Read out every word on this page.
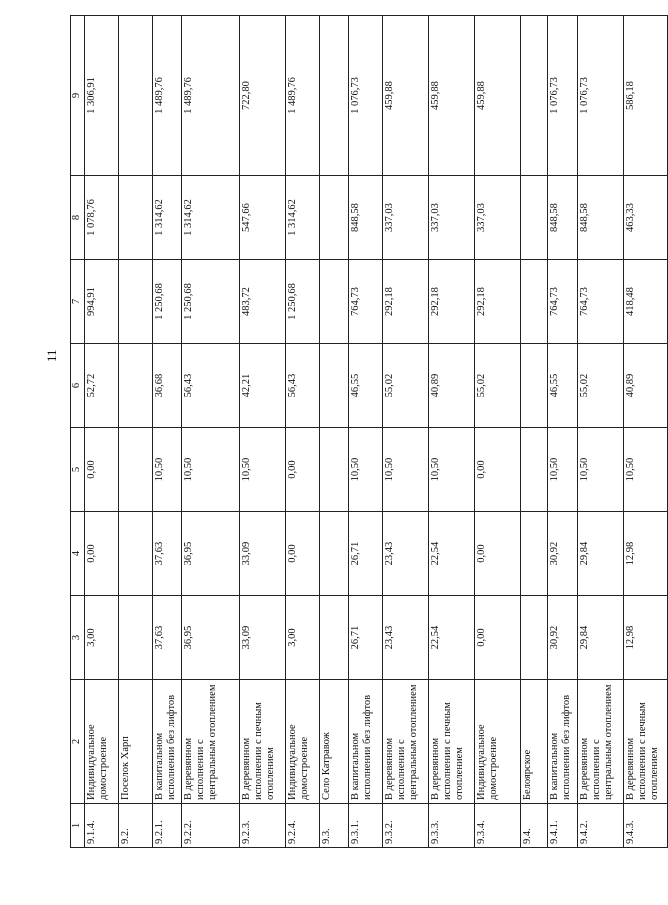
11
1	2	3	4	5	6	7	8	9
9.1.4.	Индивидуальное домостроение	3,00	0,00	0,00	52,72	994,91	1 078,76	1 306,91
9.2.	Поселок Харп							
9.2.1.	В капитальном исполнении без лифтов	37,63	37,63	10,50	36,68	1 250,68	1 314,62	1 489,76
9.2.2.	В деревянном исполнении с центральным отоплением	36,95	36,95	10,50	56,43	1 250,68	1 314,62	1 489,76
9.2.3.	В деревянном исполнении с печным отоплением	33,09	33,09	10,50	42,21	483,72	547,66	722,80
9.2.4.	Индивидуальное домостроение	3,00	0,00	0,00	56,43	1 250,68	1 314,62	1 489,76
9.3.	Село Катравож							
9.3.1.	В капитальном исполнении без лифтов	26,71	26,71	10,50	46,55	764,73	848,58	1 076,73
9.3.2.	В деревянном исполнении с центральным отоплением	23,43	23,43	10,50	55,02	292,18	337,03	459,88
9.3.3.	В деревянном исполнении с печным отоплением	22,54	22,54	10,50	40,89	292,18	337,03	459,88
9.3.4.	Индивидуальное домостроение	0,00	0,00	0,00	55,02	292,18	337,03	459,88
9.4.	Белоярское							
9.4.1.	В капитальном исполнении без лифтов	30,92	30,92	10,50	46,55	764,73	848,58	1 076,73
9.4.2.	В деревянном исполнении с центральным отоплением	29,84	29,84	10,50	55,02	764,73	848,58	1 076,73
9.4.3.	В деревянном исполнении с печным отоплением	12,98	12,98	10,50	40,89	418,48	463,33	586,18
